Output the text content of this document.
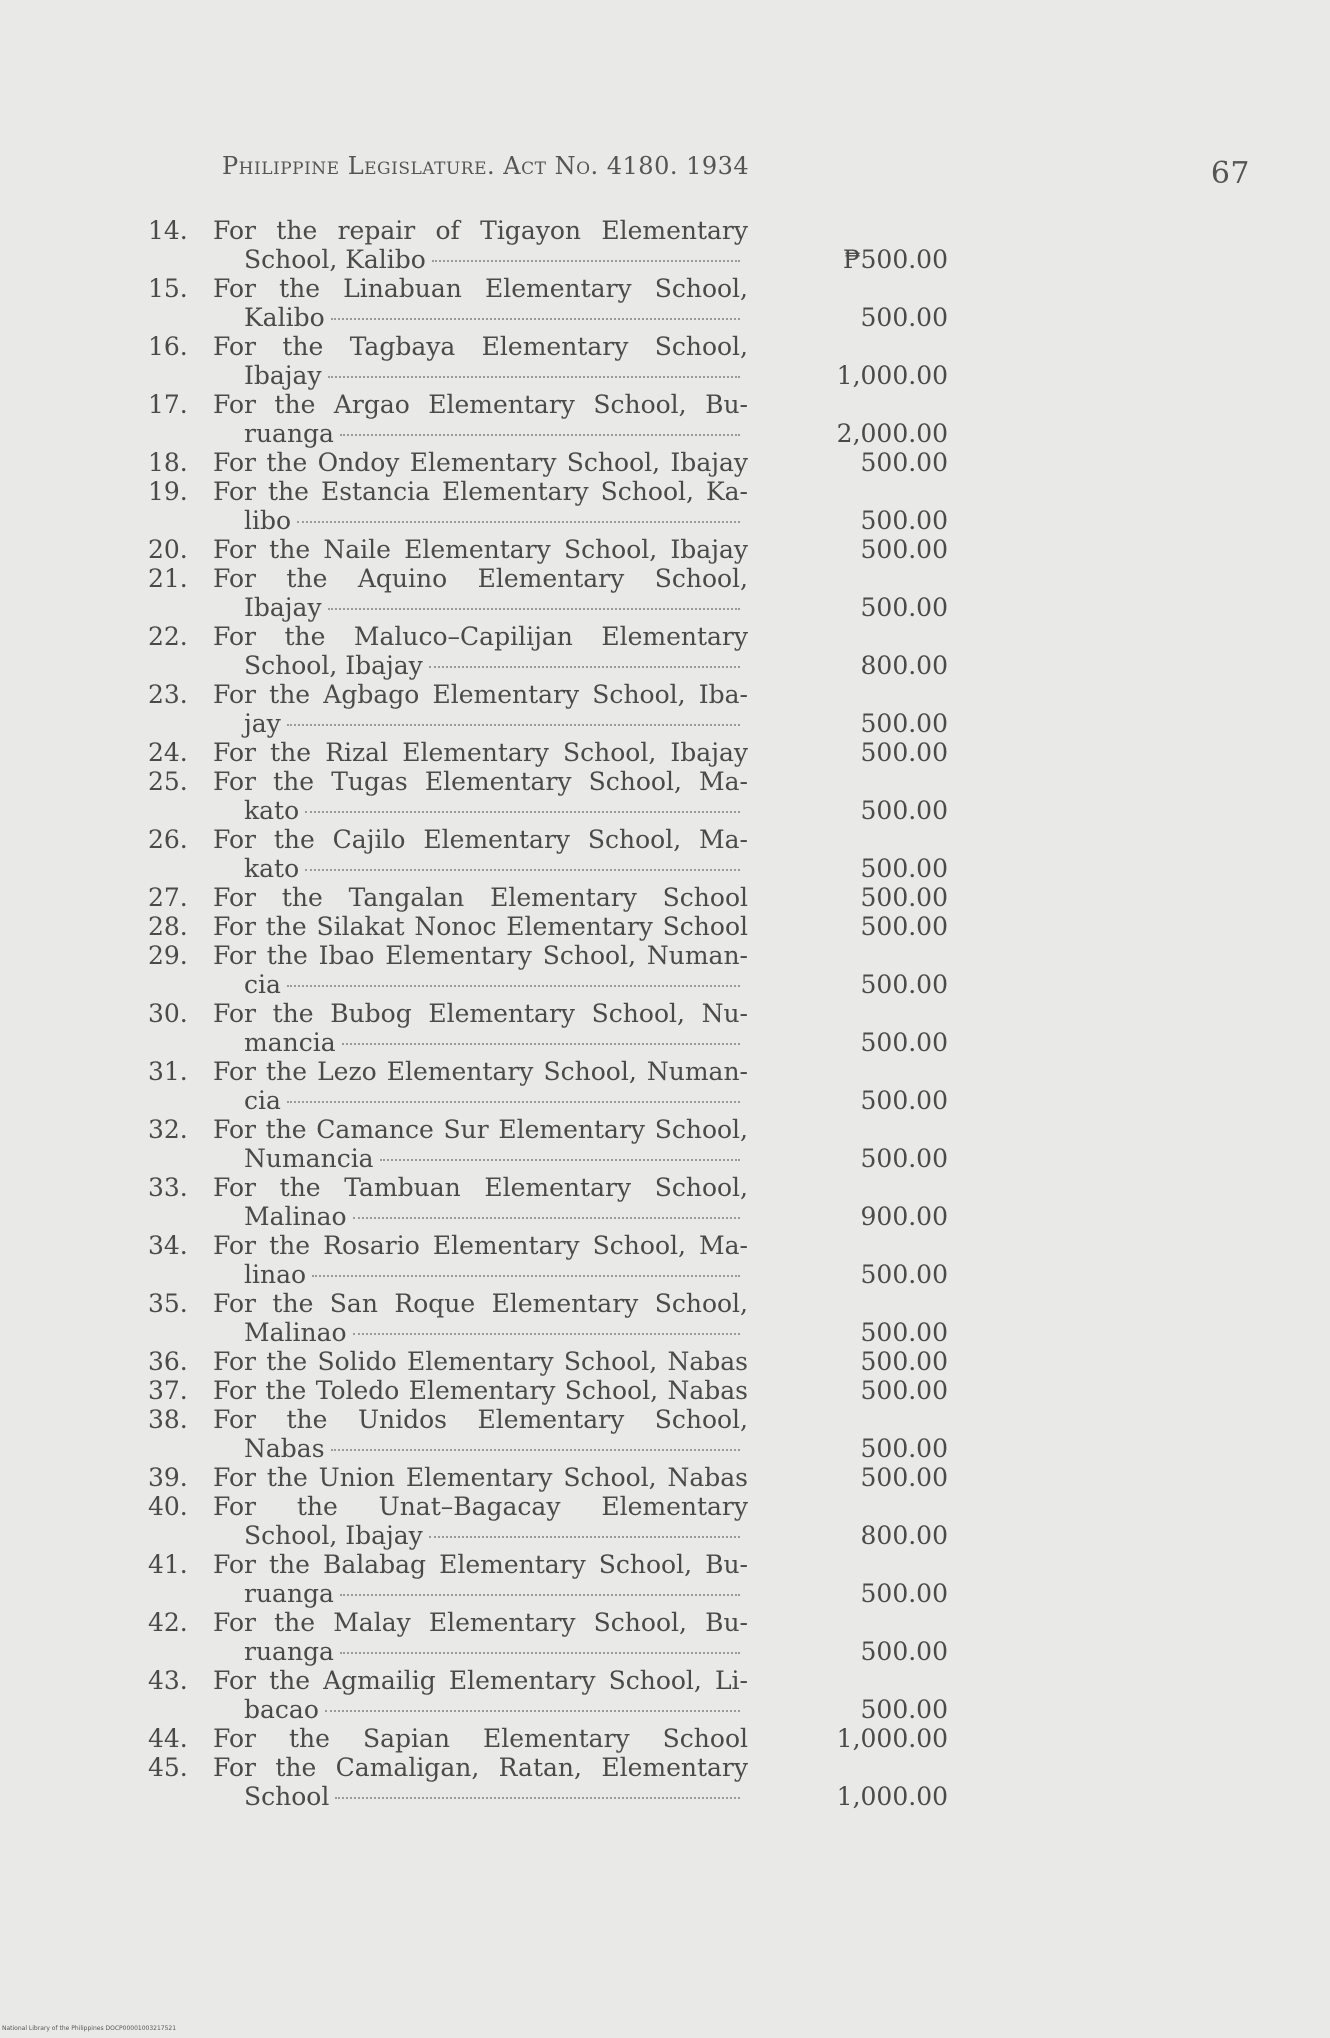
Philippine Legislature. Act No. 4180. 1934	67
14. For the repair of Tigayon Elementary
School, Kalibo	₱500.00
15. For the Linabuan Elementary School,
Kalibo	500.00
16. For the Tagbaya Elementary School,
Ibajay	1,000.00
17. For the Argao Elementary School, Bu-
ruanga	2,000.00
18. For the Ondoy Elementary School, Ibajay	500.00
19. For the Estancia Elementary School, Ka-
libo	500.00
20. For the Naile Elementary School, Ibajay	500.00
21. For the Aquino Elementary School,
Ibajay	500.00
22. For the Maluco–Capilijan Elementary
School, Ibajay	800.00
23. For the Agbago Elementary School, Iba-
jay	500.00
24. For the Rizal Elementary School, Ibajay	500.00
25. For the Tugas Elementary School, Ma-
kato	500.00
26. For the Cajilo Elementary School, Ma-
kato	500.00
27. For the Tangalan Elementary School	500.00
28. For the Silakat Nonoc Elementary School	500.00
29. For the Ibao Elementary School, Numan-
cia	500.00
30. For the Bubog Elementary School, Nu-
mancia	500.00
31. For the Lezo Elementary School, Numan-
cia	500.00
32. For the Camance Sur Elementary School,
Numancia	500.00
33. For the Tambuan Elementary School,
Malinao	900.00
34. For the Rosario Elementary School, Ma-
linao	500.00
35. For the San Roque Elementary School,
Malinao	500.00
36. For the Solido Elementary School, Nabas	500.00
37. For the Toledo Elementary School, Nabas	500.00
38. For the Unidos Elementary School,
Nabas	500.00
39. For the Union Elementary School, Nabas	500.00
40. For the Unat–Bagacay Elementary
School, Ibajay	800.00
41. For the Balabag Elementary School, Bu-
ruanga	500.00
42. For the Malay Elementary School, Bu-
ruanga	500.00
43. For the Agmailig Elementary School, Li-
bacao	500.00
44. For the Sapian Elementary School	1,000.00
45. For the Camaligan, Ratan, Elementary
School	1,000.00
National Library of the Philippines DOCP00001003217521
